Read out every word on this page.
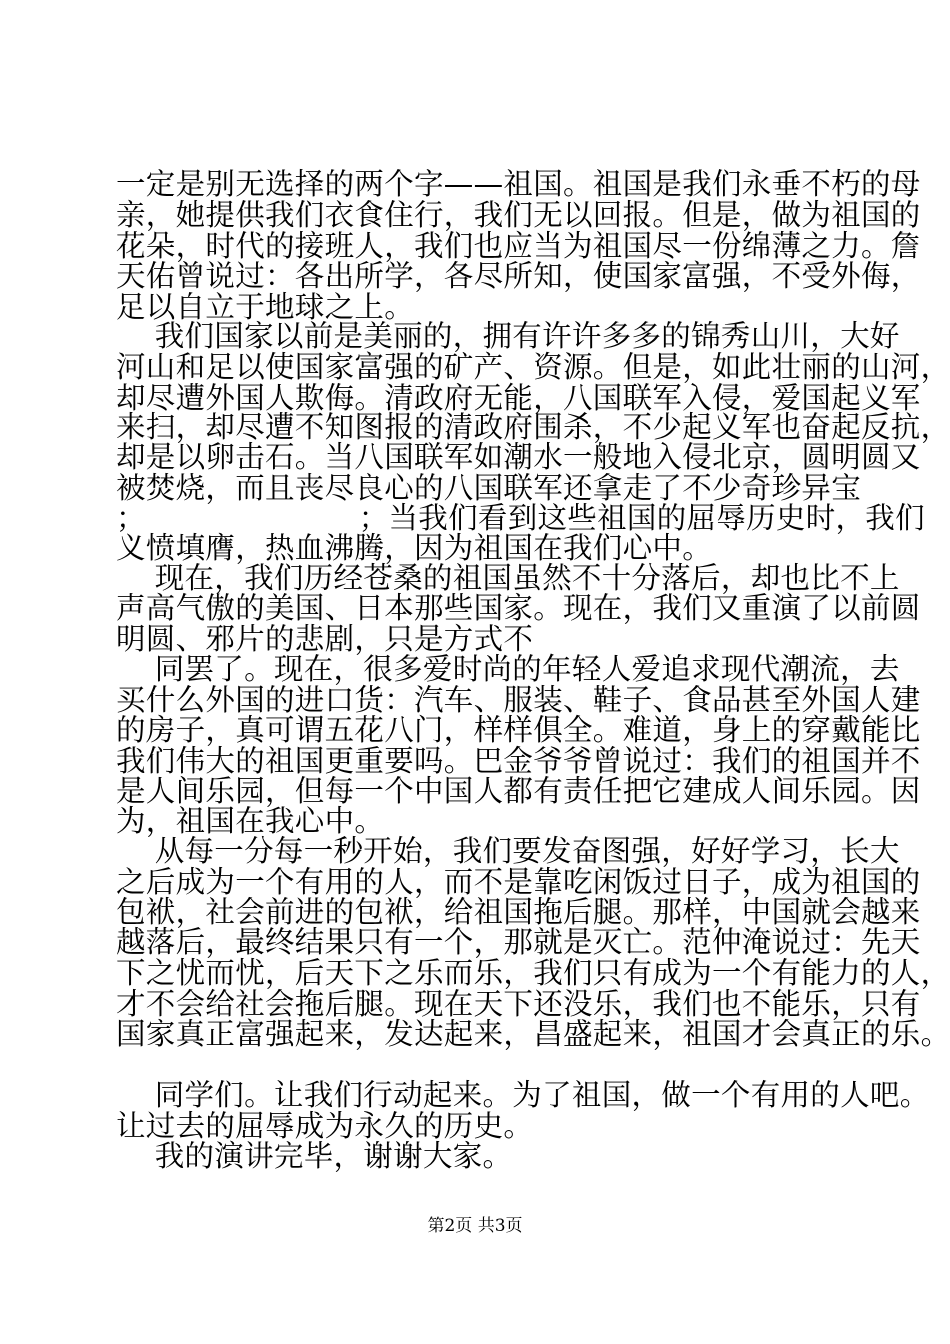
一定是别无选择的两个字——祖国。祖国是我们永垂不朽的母
亲，她提供我们衣食住行，我们无以回报。但是，做为祖国的
花朵，时代的接班人，我们也应当为祖国尽一份绵薄之力。詹
天佑曾说过：各出所学，各尽所知，使国家富强，不受外侮，
足以自立于地球之上。
我们国家以前是美丽的，拥有许许多多的锦秀山川，大好
河山和足以使国家富强的矿产、资源。但是，如此壮丽的山河，
却尽遭外国人欺侮。清政府无能，八国联军入侵，爱国起义军
来扫，却尽遭不知图报的清政府围杀，不少起义军也奋起反抗，
却是以卵击石。当八国联军如潮水一般地入侵北京，圆明圆又
被焚烧，而且丧尽良心的八国联军还拿走了不少奇珍异宝
；                      ；当我们看到这些祖国的屈辱历史时，我们
义愤填膺，热血沸腾，因为祖国在我们心中。
现在，我们历经苍桑的祖国虽然不十分落后，却也比不上
声高气傲的美国、日本那些国家。现在，我们又重演了以前圆
明圆、邪片的悲剧，只是方式不
同罢了。现在，很多爱时尚的年轻人爱追求现代潮流，去
买什么外国的进口货：汽车、服装、鞋子、食品甚至外国人建
的房子，真可谓五花八门，样样俱全。难道，身上的穿戴能比
我们伟大的祖国更重要吗。巴金爷爷曾说过：我们的祖国并不
是人间乐园，但每一个中国人都有责任把它建成人间乐园。因
为，祖国在我心中。
从每一分每一秒开始，我们要发奋图强，好好学习，长大
之后成为一个有用的人，而不是靠吃闲饭过日子，成为祖国的
包袱，社会前进的包袱，给祖国拖后腿。那样，中国就会越来
越落后，最终结果只有一个，那就是灭亡。范仲淹说过：先天
下之忧而忧，后天下之乐而乐，我们只有成为一个有能力的人，
才不会给社会拖后腿。现在天下还没乐，我们也不能乐，只有
国家真正富强起来，发达起来，昌盛起来，祖国才会真正的乐。
同学们。让我们行动起来。为了祖国，做一个有用的人吧。
让过去的屈辱成为永久的历史。
我的演讲完毕，谢谢大家。
第2页 共3页
